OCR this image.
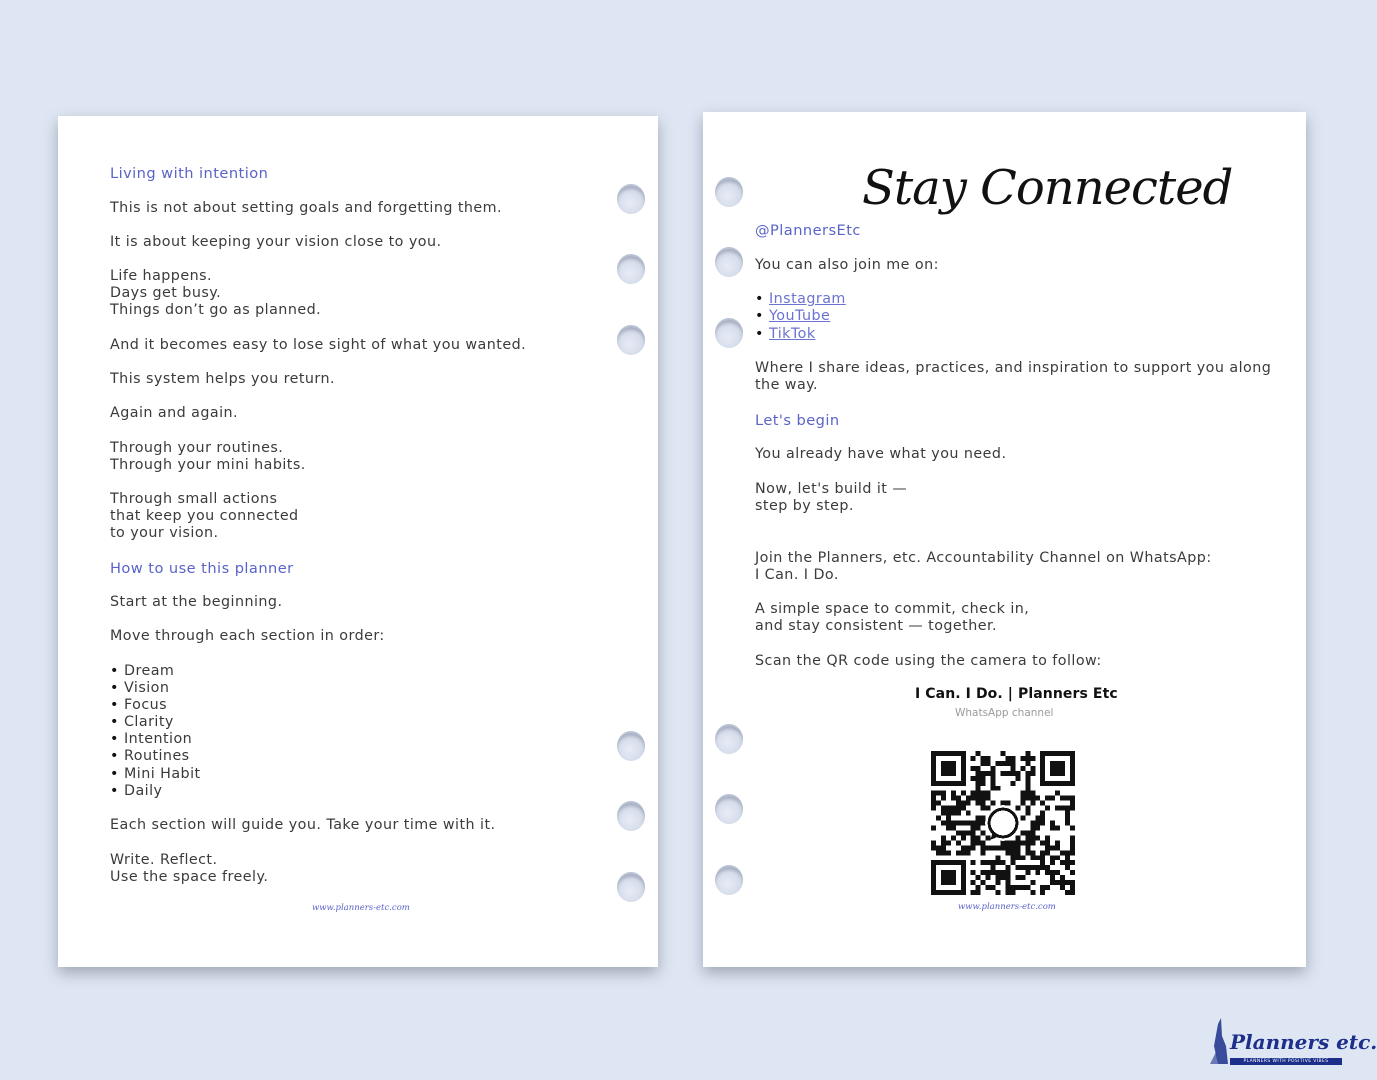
Living with intention
This is not about setting goals and forgetting them.
It is about keeping your vision close to you.
Life happens.
Days get busy.
Things don’t go as planned.
And it becomes easy to lose sight of what you wanted.
This system helps you return.
Again and again.
Through your routines.
Through your mini habits.
Through small actions
that keep you connected
to your vision.
How to use this planner
Start at the beginning.
Move through each section in order:
• Dream
• Vision
• Focus
• Clarity
• Intention
• Routines
• Mini Habit
• Daily
Each section will guide you. Take your time with it.
Write. Reflect.
Use the space freely.
www.planners-etc.com
Stay Connected
@PlannersEtc
You can also join me on:
• Instagram
• YouTube
• TikTok
Where I share ideas, practices, and inspiration to support you along
the way.
Let's begin
You already have what you need.
Now, let's build it —
step by step.
Join the Planners, etc. Accountability Channel on WhatsApp:
I Can. I Do.
A simple space to commit, check in,
and stay consistent — together.
Scan the QR code using the camera to follow:
I Can. I Do. | Planners Etc
WhatsApp channel
www.planners-etc.com
Planners etc.
PLANNERS WITH POSITIVE VIBES
